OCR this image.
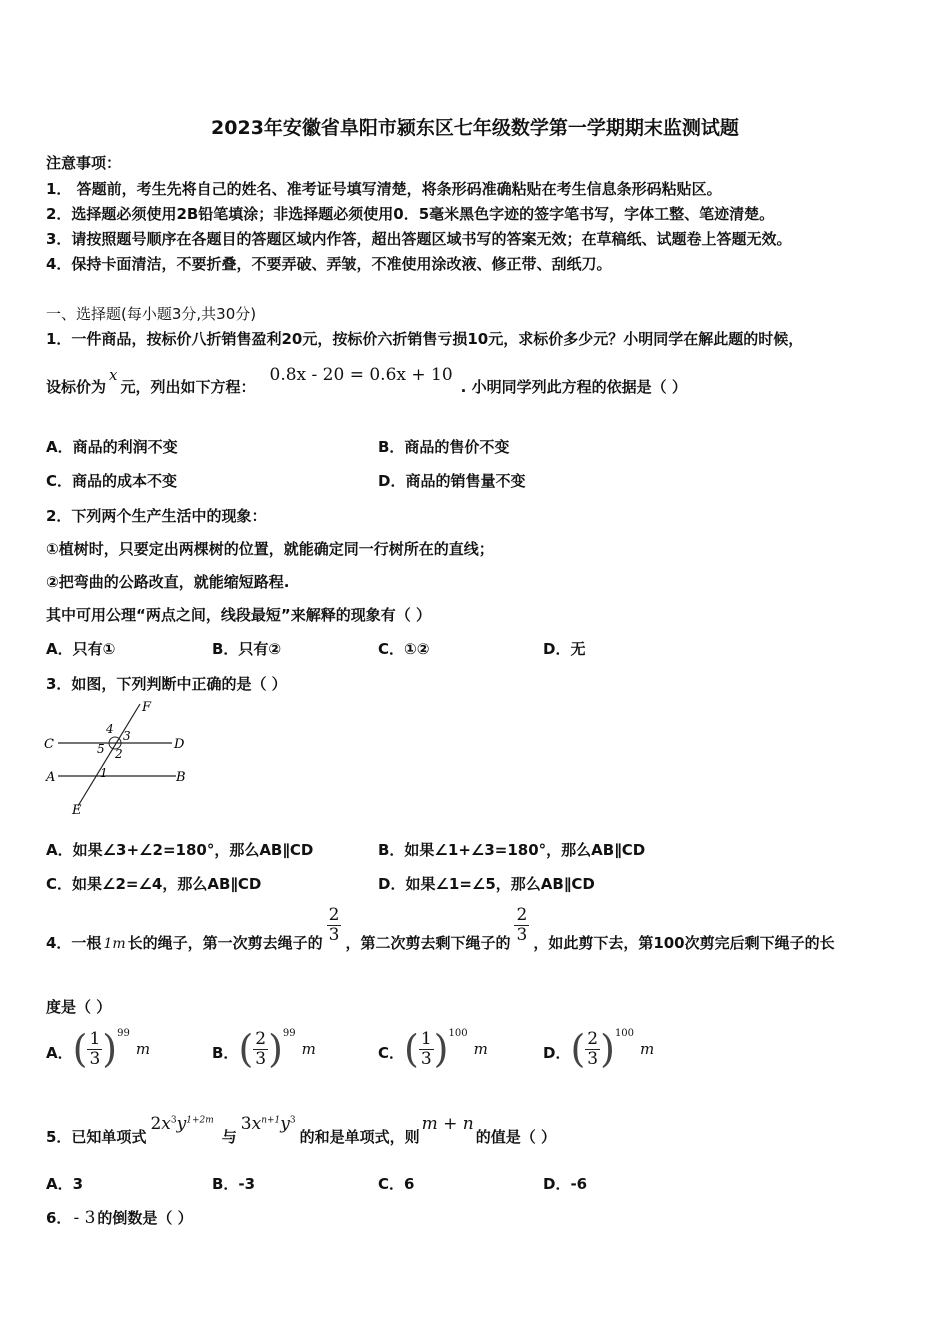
2023年安徽省阜阳市颍东区七年级数学第一学期期末监测试题
注意事项：
1． 答题前，考生先将自己的姓名、准考证号填写清楚，将条形码准确粘贴在考生信息条形码粘贴区。
2．选择题必须使用2B铅笔填涂；非选择题必须使用0．5毫米黑色字迹的签字笔书写，字体工整、笔迹清楚。
3．请按照题号顺序在各题目的答题区域内作答，超出答题区域书写的答案无效；在草稿纸、试题卷上答题无效。
4．保持卡面清洁，不要折叠，不要弄破、弄皱，不准使用涂改液、修正带、刮纸刀。
一、选择题(每小题3分,共30分)
1．一件商品，按标价八折销售盈利20元，按标价六折销售亏损10元，求标价多少元？小明同学在解此题的时候，
设标价为x元，列出如下方程：0.8x - 20 = 0.6x + 10. 小明同学列此方程的依据是（ ）
A．商品的利润不变	B．商品的售价不变
C．商品的成本不变	D．商品的销售量不变
2．下列两个生产生活中的现象：
①植树时，只要定出两棵树的位置，就能确定同一行树所在的直线；
②把弯曲的公路改直，就能缩短路程.
其中可用公理“两点之间，线段最短”来解释的现象有（ ）
A．只有①	B．只有②	C．①②	D．无
3．如图，下列判断中正确的是（ ）
C	D
A	B
E
F
1
2
3
4
5
A．如果∠3+∠2=180°，那么AB∥CD	B．如果∠1+∠3=180°，那么AB∥CD
C．如果∠2=∠4，那么AB∥CD	D．如果∠1=∠5，那么AB∥CD
4．一根 1m 长的绳子，第一次剪去绳子的 $\frac{2}{3}$ ，第二次剪去剩下绳子的 $\frac{2}{3}$ ，如此剪下去，第100次剪完后剩下绳子的长
度是（ ）
A．( $\frac{1}{3} )^{99}m$	B．( $\frac{2}{3} )^{99}m$	C．( $\frac{1}{3} )^{100}m$	D．( $\frac{2}{3} )^{100}m$
5．已知单项式$2x^3y^{1+2m}$与$3x^{n+1}y^3$的和是单项式，则m + n的值是（ ）
A．3	B．-3	C．6	D．-6
6． - 3 的倒数是（ ）
